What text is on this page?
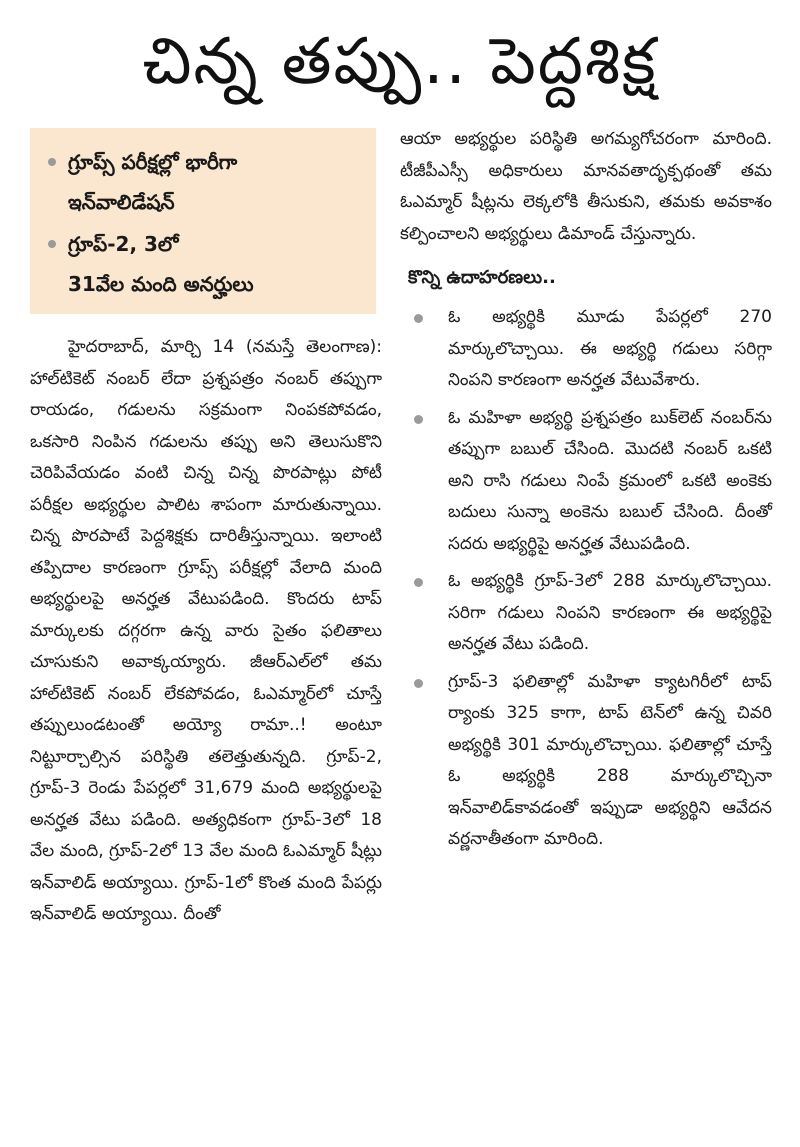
చిన్న తప్పు.. పెద్దశిక్ష
గ్రూప్స్ పరీక్షల్లో భారీగా
ఇన్‌వాలిడేషన్
గ్రూప్-2, 3లో
31వేల మంది అనర్హులు

హైదరాబాద్, మార్చి 14 (నమస్తే తెలంగాణ): హాల్‌టికెట్ నంబర్ లేదా ప్రశ్నపత్రం నంబర్ తప్పుగా రాయడం, గడులను సక్రమంగా నింపకపోవడం, ఒకసారి నింపిన గడులను తప్పు అని తెలుసుకొని చెరిపివేయడం వంటి చిన్న చిన్న పొరపాట్లు పోటీ పరీక్షల అభ్యర్థుల పాలిట శాపంగా మారుతున్నాయి. చిన్న పొరపాటే పెద్దశిక్షకు దారితీస్తున్నాయి. ఇలాంటి తప్పిదాల కారణంగా గ్రూప్స్ పరీక్షల్లో వేలాది మంది అభ్యర్థులపై అనర్హత వేటుపడింది. కొందరు టాప్ మార్కులకు దగ్గరగా ఉన్న వారు సైతం ఫలితాలు చూసుకుని అవాక్కయ్యారు. జీఆర్‌ఎల్‌లో తమ హాల్‌టికెట్ నంబర్ లేకపోవడం, ఓఎమ్మార్‌లో చూస్తే తప్పులుండటంతో అయ్యో రామా..! అంటూ నిట్టూర్చాల్సిన పరిస్థితి తలెత్తుతున్నది. గ్రూప్-2, గ్రూప్-3 రెండు పేపర్లలో 31,679 మంది అభ్యర్థులపై అనర్హత వేటు పడింది. అత్యధికంగా గ్రూప్-3లో 18 వేల మంది, గ్రూప్-2లో 13 వేల మంది ఓఎమ్మార్ షీట్లు ఇన్‌వాలిడ్ అయ్యాయి. గ్రూప్-1లో కొంత మంది పేపర్లు ఇన్‌వాలిడ్ అయ్యాయి. దీంతో

ఆయా అభ్యర్థుల పరిస్థితి అగమ్యగోచరంగా మారింది. టీజీపీఎస్సీ అధికారులు మానవతాదృక్పథంతో తమ ఓఎమ్మార్ షీట్లను లెక్కలోకి తీసుకుని, తమకు అవకాశం కల్పించాలని అభ్యర్థులు డిమాండ్ చేస్తున్నారు.

కొన్ని ఉదాహరణలు..
ఓ అభ్యర్థికి మూడు పేపర్లలో 270 మార్కులొచ్చాయి. ఈ అభ్యర్థి గడులు సరిగ్గా నింపని కారణంగా అనర్హత వేటువేశారు.
ఓ మహిళా అభ్యర్థి ప్రశ్నపత్రం బుక్‌లెట్ నంబర్‌ను తప్పుగా బబుల్ చేసింది. మొదటి నంబర్ ఒకటి అని రాసి గడులు నింపే క్రమంలో ఒకటి అంకెకు బదులు సున్నా అంకెను బబుల్ చేసింది. దీంతో సదరు అభ్యర్థిపై అనర్హత వేటుపడింది.
ఓ అభ్యర్థికి గ్రూప్-3లో 288 మార్కులొచ్చాయి. సరిగా గడులు నింపని కారణంగా ఈ అభ్యర్థిపై అనర్హత వేటు పడింది.
గ్రూప్-3 ఫలితాల్లో మహిళా క్యాటగిరీలో టాప్ ర్యాంకు 325 కాగా, టాప్ టెన్‌లో ఉన్న చివరి అభ్యర్థికి 301 మార్కులొచ్చాయి. ఫలితాల్లో చూస్తే ఓ అభ్యర్థికి 288 మార్కులొచ్చినా ఇన్‌వాలిడ్‌కావడంతో ఇప్పుడా అభ్యర్థిని ఆవేదన వర్ణనాతీతంగా మారింది.
